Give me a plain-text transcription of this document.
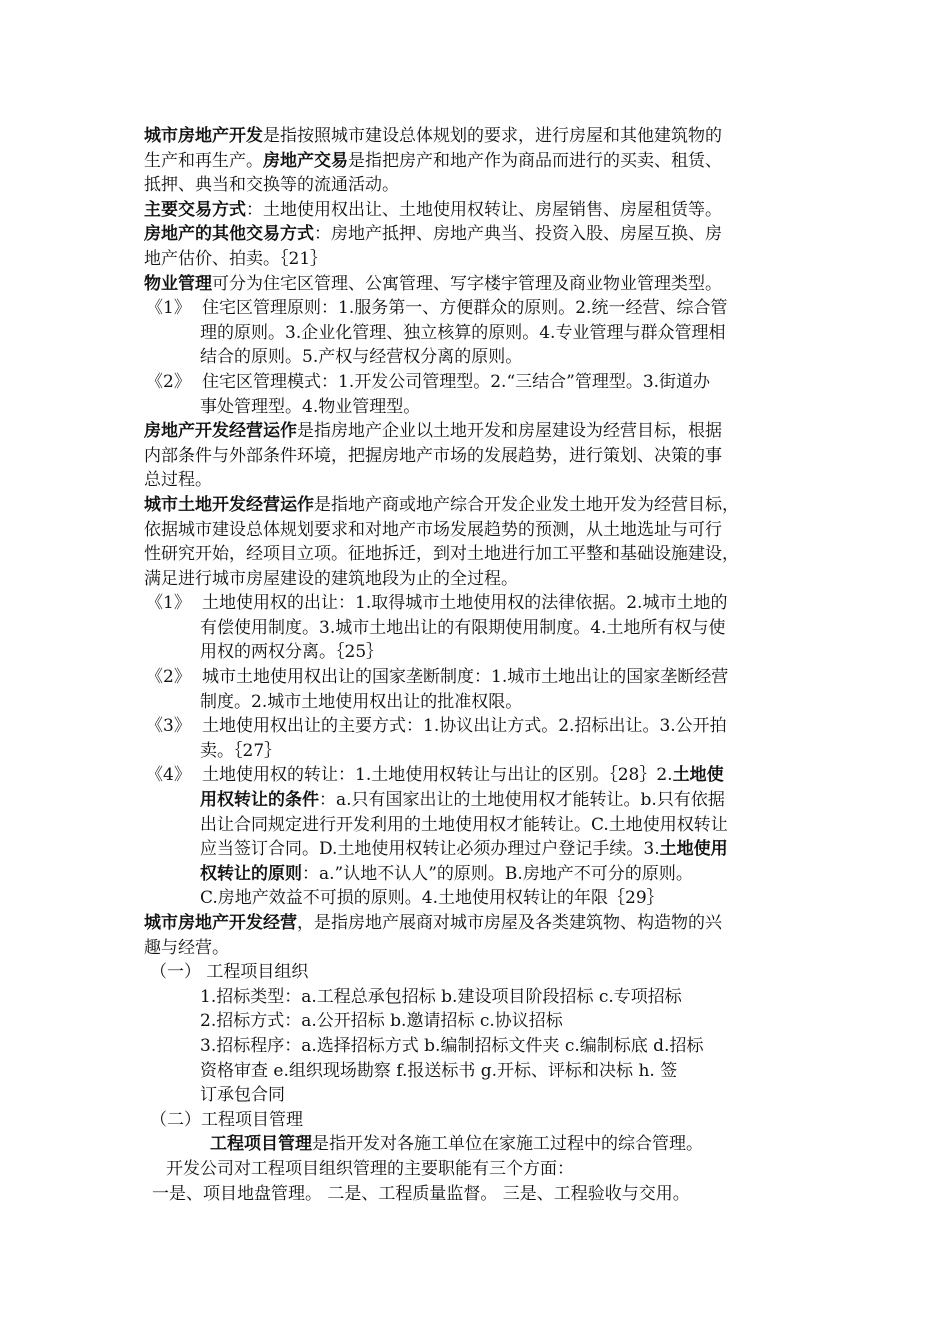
城市房地产开发是指按照城市建设总体规划的要求，进行房屋和其他建筑物的
生产和再生产。房地产交易是指把房产和地产作为商品而进行的买卖、租赁、
抵押、典当和交换等的流通活动。
主要交易方式：土地使用权出让、土地使用权转让、房屋销售、房屋租赁等。
房地产的其他交易方式：房地产抵押、房地产典当、投资入股、房屋互换、房
地产估价、拍卖。｛21｝
物业管理可分为住宅区管理、公寓管理、写字楼宇管理及商业物业管理类型。
《1》 住宅区管理原则：1.服务第一、方便群众的原则。2.统一经营、综合管
理的原则。3.企业化管理、独立核算的原则。4.专业管理与群众管理相
结合的原则。5.产权与经营权分离的原则。
《2》 住宅区管理模式：1.开发公司管理型。2.“三结合”管理型。3.街道办
事处管理型。4.物业管理型。
房地产开发经营运作是指房地产企业以土地开发和房屋建设为经营目标，根据
内部条件与外部条件环境，把握房地产市场的发展趋势，进行策划、决策的事
总过程。
城市土地开发经营运作是指地产商或地产综合开发企业发土地开发为经营目标，
依据城市建设总体规划要求和对地产市场发展趋势的预测，从土地选址与可行
性研究开始，经项目立项。征地拆迁，到对土地进行加工平整和基础设施建设，
满足进行城市房屋建设的建筑地段为止的全过程。
《1》 土地使用权的出让：1.取得城市土地使用权的法律依据。2.城市土地的
有偿使用制度。3.城市土地出让的有限期使用制度。4.土地所有权与使
用权的两权分离。｛25｝
《2》 城市土地使用权出让的国家垄断制度：1.城市土地出让的国家垄断经营
制度。2.城市土地使用权出让的批准权限。
《3》 土地使用权出让的主要方式：1.协议出让方式。2.招标出让。3.公开拍
卖。｛27｝
《4》 土地使用权的转让：1.土地使用权转让与出让的区别。｛28｝2.土地使
用权转让的条件：a.只有国家出让的土地使用权才能转让。b.只有依据
出让合同规定进行开发利用的土地使用权才能转让。C.土地使用权转让
应当签订合同。D.土地使用权转让必须办理过户登记手续。3.土地使用
权转让的原则：a.”认地不认人”的原则。B.房地产不可分的原则。
C.房地产效益不可损的原则。4.土地使用权转让的年限｛29｝
城市房地产开发经营，是指房地产展商对城市房屋及各类建筑物、构造物的兴
趣与经营。
（一） 工程项目组织
1.招标类型：a.工程总承包招标 b.建设项目阶段招标 c.专项招标
2.招标方式：a.公开招标 b.邀请招标 c.协议招标
3.招标程序：a.选择招标方式 b.编制招标文件夹 c.编制标底 d.招标
资格审查 e.组织现场勘察 f.报送标书 g.开标、评标和决标 h. 签
订承包合同
（二）工程项目管理
工程项目管理是指开发对各施工单位在家施工过程中的综合管理。
开发公司对工程项目组织管理的主要职能有三个方面：
一是、项目地盘管理。 二是、工程质量监督。 三是、工程验收与交用。
